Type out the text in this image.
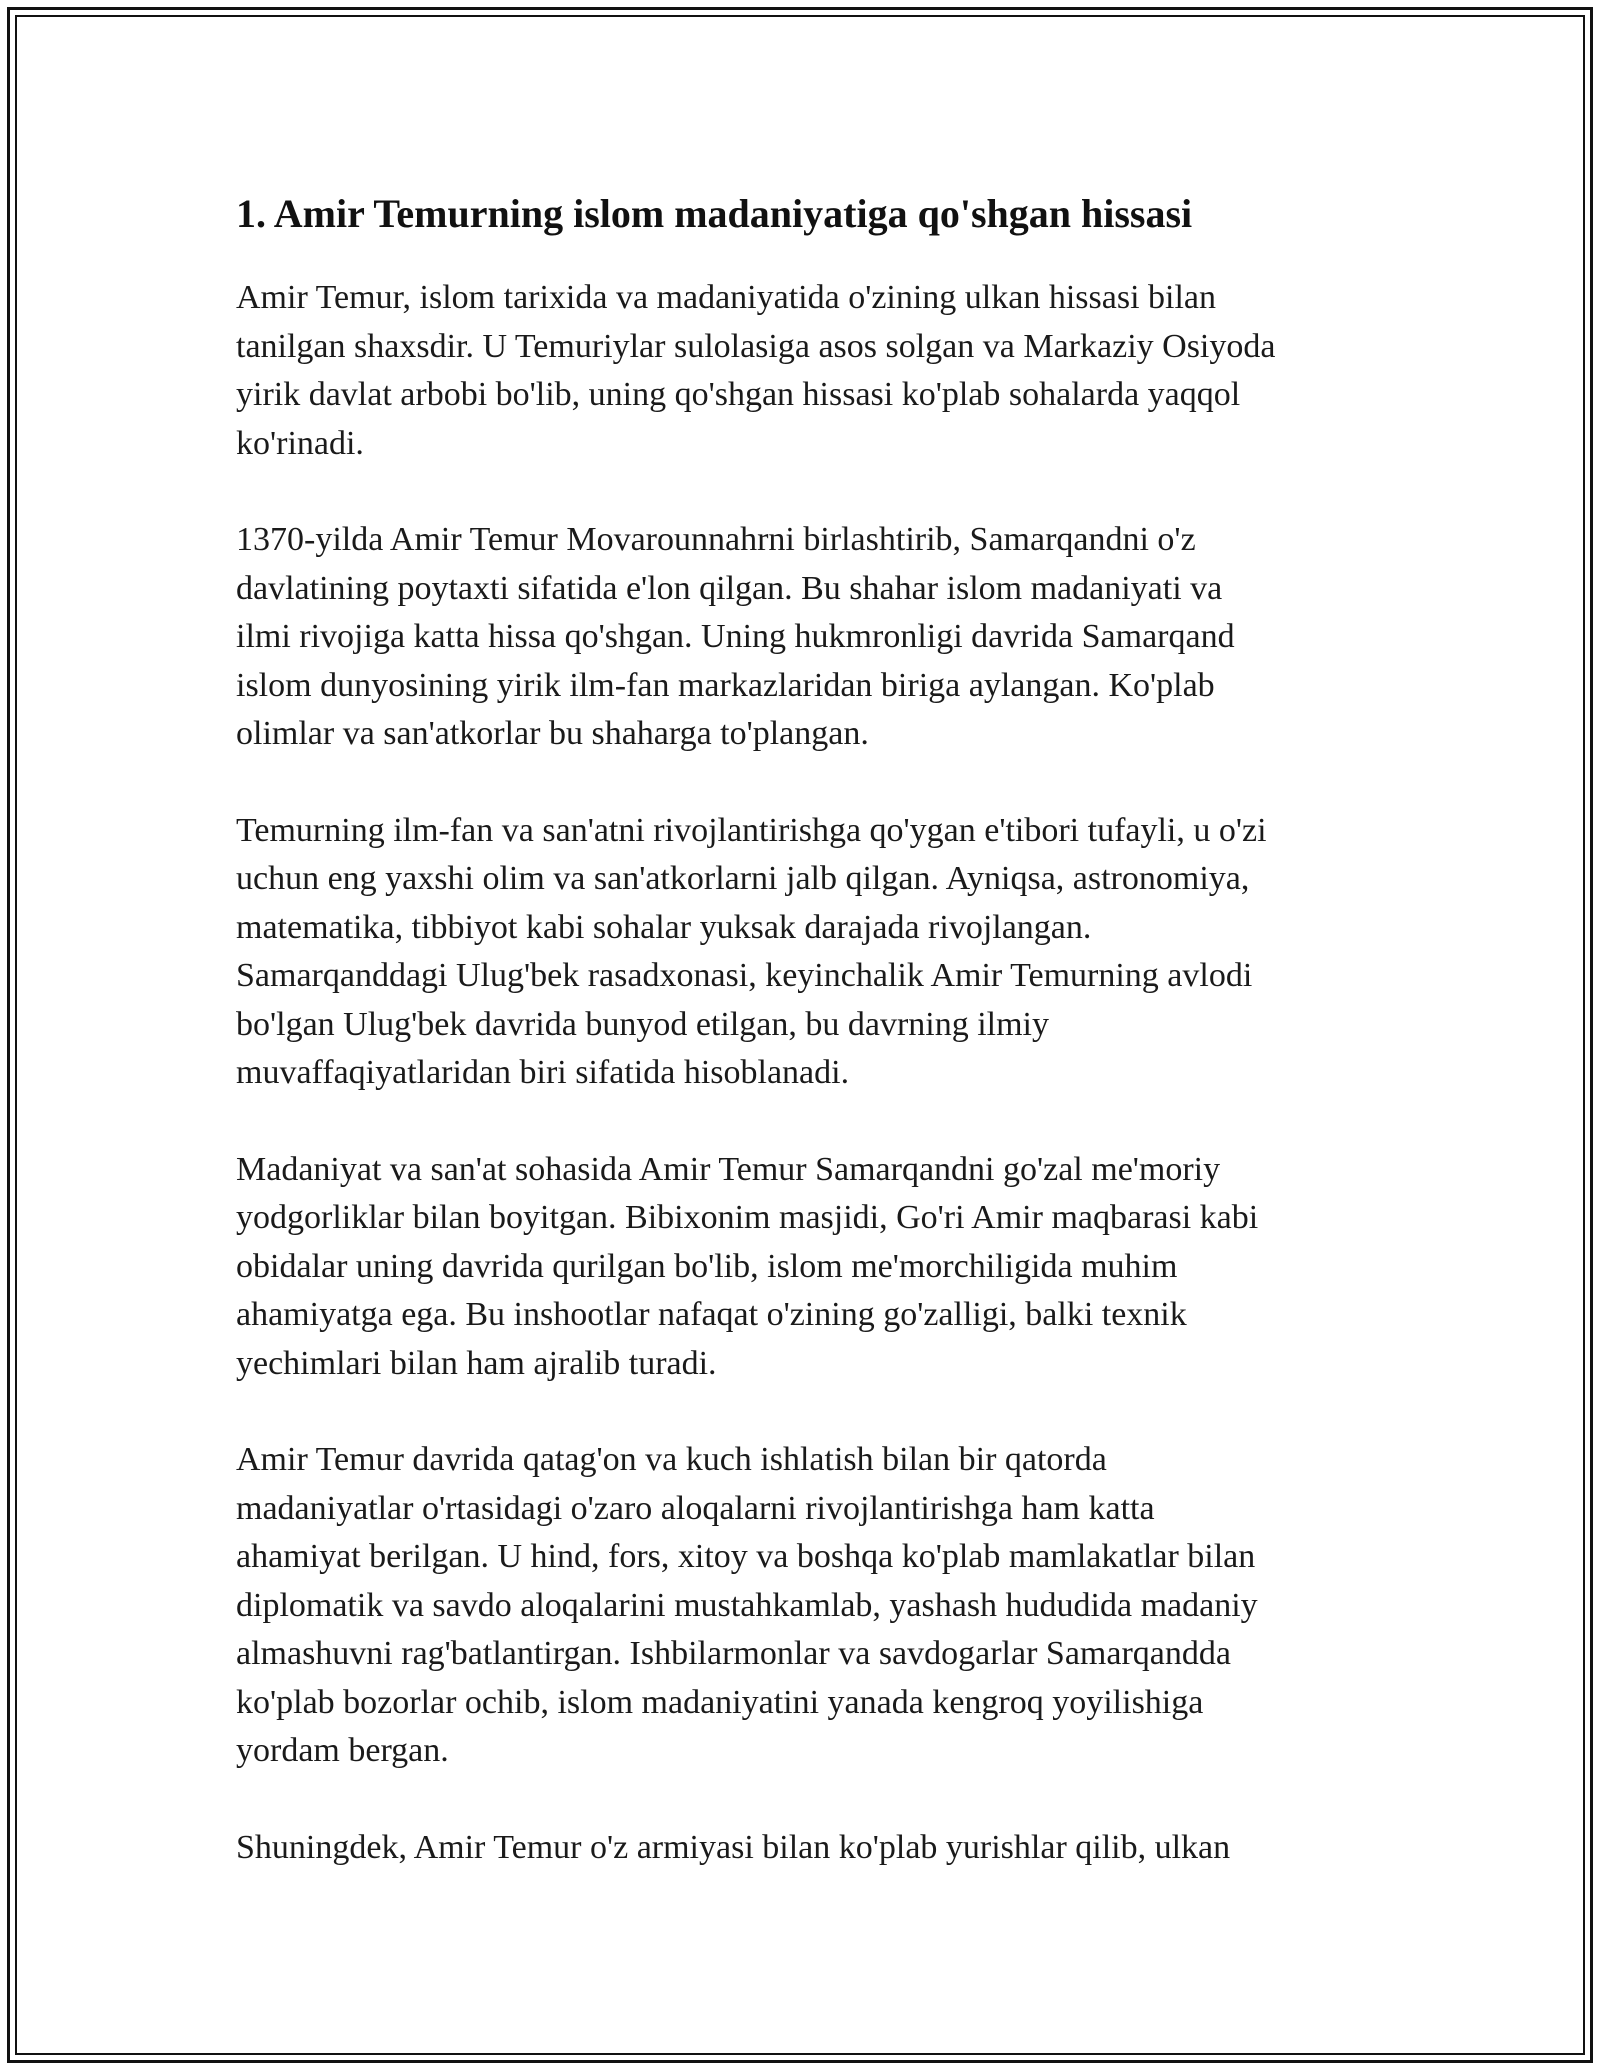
1. Amir Temurning islom madaniyatiga qo'shgan hissasi

Amir Temur, islom tarixida va madaniyatida o'zining ulkan hissasi bilan
tanilgan shaxsdir. U Temuriylar sulolasiga asos solgan va Markaziy Osiyoda
yirik davlat arbobi bo'lib, uning qo'shgan hissasi ko'plab sohalarda yaqqol
ko'rinadi.

1370-yilda Amir Temur Movarounnahrni birlashtirib, Samarqandni o'z
davlatining poytaxti sifatida e'lon qilgan. Bu shahar islom madaniyati va
ilmi rivojiga katta hissa qo'shgan. Uning hukmronligi davrida Samarqand
islom dunyosining yirik ilm-fan markazlaridan biriga aylangan. Ko'plab
olimlar va san'atkorlar bu shaharga to'plangan.

Temurning ilm-fan va san'atni rivojlantirishga qo'ygan e'tibori tufayli, u o'zi
uchun eng yaxshi olim va san'atkorlarni jalb qilgan. Ayniqsa, astronomiya,
matematika, tibbiyot kabi sohalar yuksak darajada rivojlangan.
Samarqanddagi Ulug'bek rasadxonasi, keyinchalik Amir Temurning avlodi
bo'lgan Ulug'bek davrida bunyod etilgan, bu davrning ilmiy
muvaffaqiyatlaridan biri sifatida hisoblanadi.

Madaniyat va san'at sohasida Amir Temur Samarqandni go'zal me'moriy
yodgorliklar bilan boyitgan. Bibixonim masjidi, Go'ri Amir maqbarasi kabi
obidalar uning davrida qurilgan bo'lib, islom me'morchiligida muhim
ahamiyatga ega. Bu inshootlar nafaqat o'zining go'zalligi, balki texnik
yechimlari bilan ham ajralib turadi.

Amir Temur davrida qatag'on va kuch ishlatish bilan bir qatorda
madaniyatlar o'rtasidagi o'zaro aloqalarni rivojlantirishga ham katta
ahamiyat berilgan. U hind, fors, xitoy va boshqa ko'plab mamlakatlar bilan
diplomatik va savdo aloqalarini mustahkamlab, yashash hududida madaniy
almashuvni rag'batlantirgan. Ishbilarmonlar va savdogarlar Samarqandda
ko'plab bozorlar ochib, islom madaniyatini yanada kengroq yoyilishiga
yordam bergan.

Shuningdek, Amir Temur o'z armiyasi bilan ko'plab yurishlar qilib, ulkan
